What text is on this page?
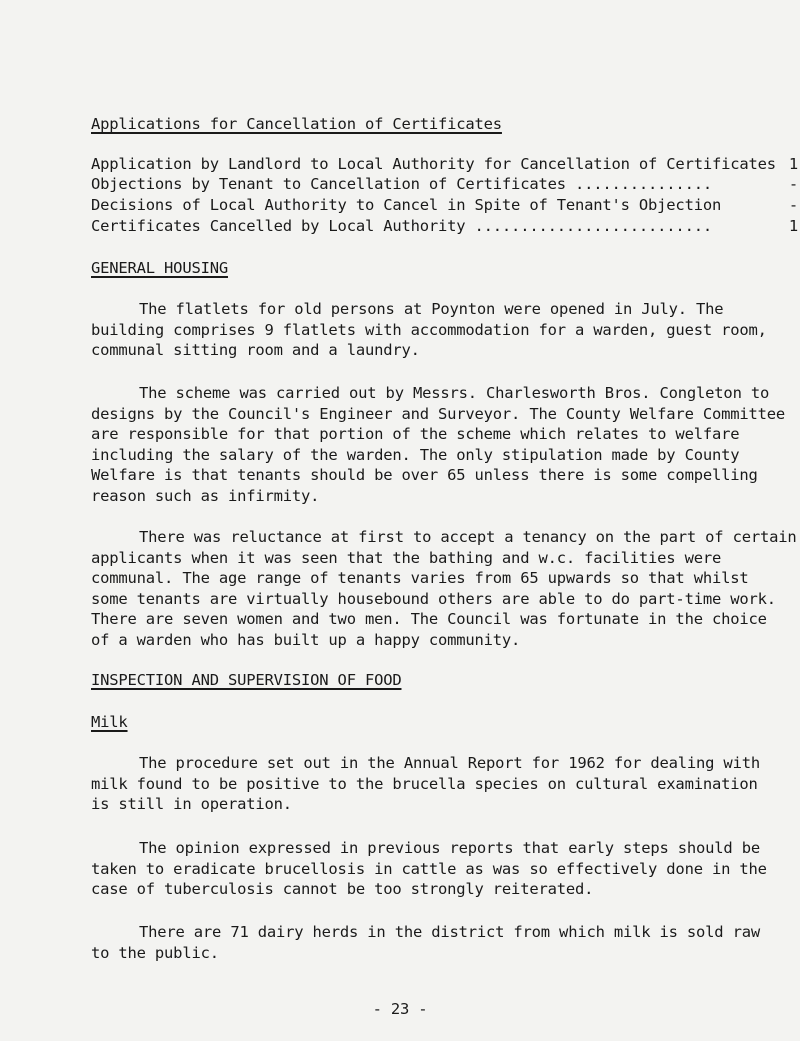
Applications for Cancellation of Certificates
Application by Landlord to Local Authority for Cancellation of Certificates 1
Objections by Tenant to Cancellation of Certificates ...............	-
Decisions of Local Authority to Cancel in Spite of Tenant's Objection	-
Certificates Cancelled by Local Authority ..........................	1
GENERAL HOUSING
The flatlets for old persons at Poynton were opened in July. The
building comprises 9 flatlets with accommodation for a warden, guest room,
communal sitting room and a laundry.
The scheme was carried out by Messrs. Charlesworth Bros. Congleton to
designs by the Council's Engineer and Surveyor. The County Welfare Committee
are responsible for that portion of the scheme which relates to welfare
including the salary of the warden. The only stipulation made by County
Welfare is that tenants should be over 65 unless there is some compelling
reason such as infirmity.
There was reluctance at first to accept a tenancy on the part of certain
applicants when it was seen that the bathing and w.c. facilities were
communal. The age range of tenants varies from 65 upwards so that whilst
some tenants are virtually housebound others are able to do part-time work.
There are seven women and two men. The Council was fortunate in the choice
of a warden who has built up a happy community.
INSPECTION AND SUPERVISION OF FOOD
Milk
The procedure set out in the Annual Report for 1962 for dealing with
milk found to be positive to the brucella species on cultural examination
is still in operation.
The opinion expressed in previous reports that early steps should be
taken to eradicate brucellosis in cattle as was so effectively done in the
case of tuberculosis cannot be too strongly reiterated.
There are 71 dairy herds in the district from which milk is sold raw
to the public.
- 23 -
